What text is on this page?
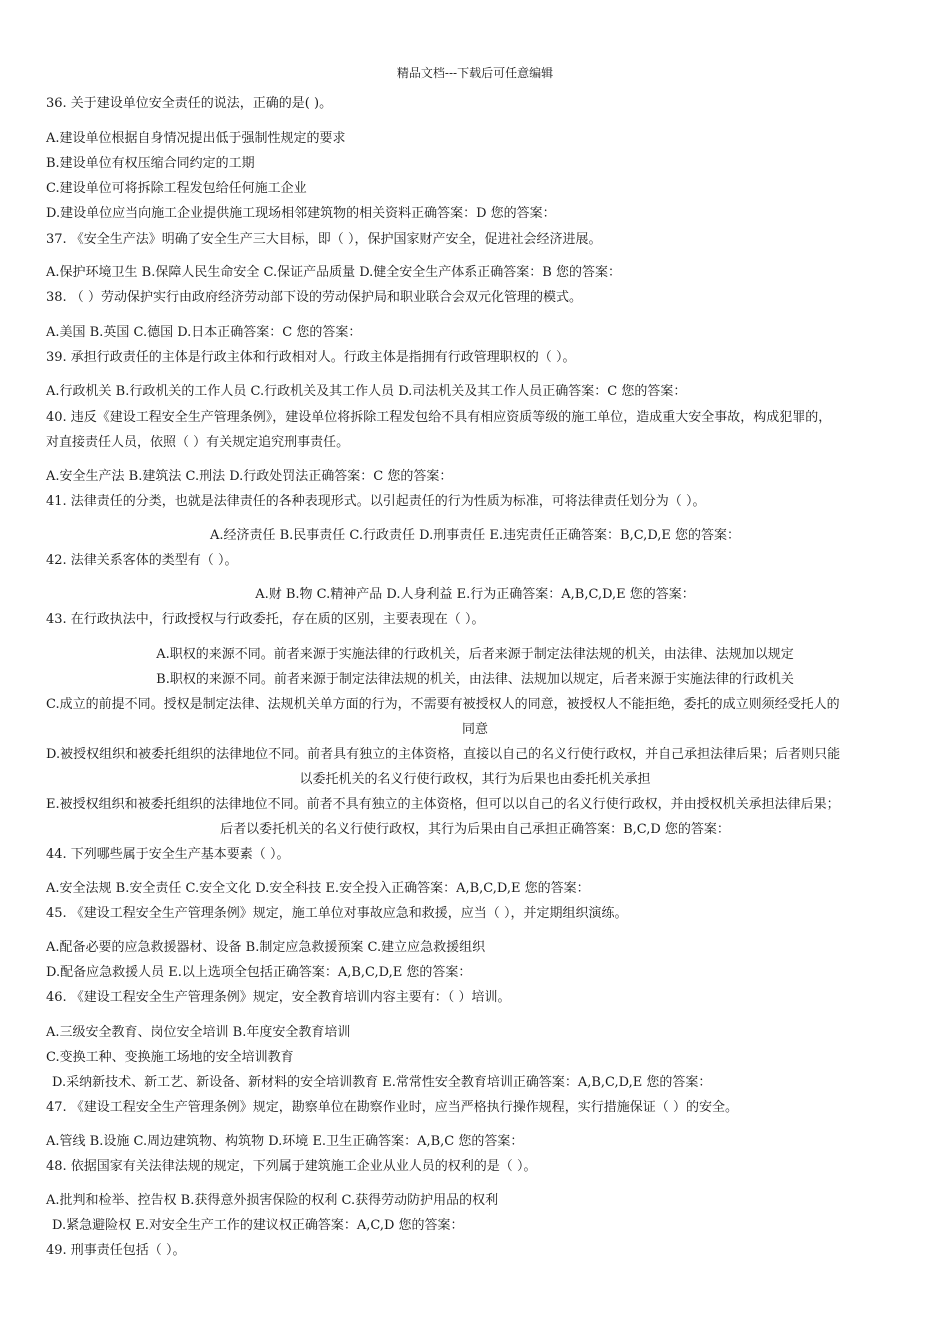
精品文档---下载后可任意编辑
36. 关于建设单位安全责任的说法，正确的是( )。
A.建设单位根据自身情况提出低于强制性规定的要求
B.建设单位有权压缩合同约定的工期
C.建设单位可将拆除工程发包给任何施工企业
D.建设单位应当向施工企业提供施工现场相邻建筑物的相关资料正确答案：D 您的答案：
37. 《安全生产法》明确了安全生产三大目标，即（ ），保护国家财产安全，促进社会经济进展。
A.保护环境卫生 B.保障人民生命安全 C.保证产品质量 D.健全安全生产体系正确答案：B 您的答案：
38. （ ）劳动保护实行由政府经济劳动部下设的劳动保护局和职业联合会双元化管理的模式。
A.美国 B.英国 C.德国 D.日本正确答案：C 您的答案：
39. 承担行政责任的主体是行政主体和行政相对人。行政主体是指拥有行政管理职权的（ ）。
A.行政机关 B.行政机关的工作人员 C.行政机关及其工作人员 D.司法机关及其工作人员正确答案：C 您的答案：
40. 违反《建设工程安全生产管理条例》，建设单位将拆除工程发包给不具有相应资质等级的施工单位，造成重大安全事故，构成犯罪的，
对直接责任人员，依照（ ）有关规定追究刑事责任。
A.安全生产法 B.建筑法 C.刑法 D.行政处罚法正确答案：C 您的答案：
41. 法律责任的分类，也就是法律责任的各种表现形式。以引起责任的行为性质为标准，可将法律责任划分为（ ）。
A.经济责任 B.民事责任 C.行政责任 D.刑事责任 E.违宪责任正确答案：B,C,D,E 您的答案：
42. 法律关系客体的类型有（ ）。
A.财 B.物 C.精神产品 D.人身利益 E.行为正确答案：A,B,C,D,E 您的答案：
43. 在行政执法中，行政授权与行政委托，存在质的区别，主要表现在（ ）。
A.职权的来源不同。前者来源于实施法律的行政机关，后者来源于制定法律法规的机关，由法律、法规加以规定
B.职权的来源不同。前者来源于制定法律法规的机关，由法律、法规加以规定，后者来源于实施法律的行政机关
C.成立的前提不同。授权是制定法律、法规机关单方面的行为，不需要有被授权人的同意，被授权人不能拒绝，委托的成立则须经受托人的
同意
D.被授权组织和被委托组织的法律地位不同。前者具有独立的主体资格，直接以自己的名义行使行政权，并自己承担法律后果；后者则只能
以委托机关的名义行使行政权，其行为后果也由委托机关承担
E.被授权组织和被委托组织的法律地位不同。前者不具有独立的主体资格，但可以以自己的名义行使行政权，并由授权机关承担法律后果；
后者以委托机关的名义行使行政权，其行为后果由自己承担正确答案：B,C,D 您的答案：
44. 下列哪些属于安全生产基本要素（ ）。
A.安全法规 B.安全责任 C.安全文化 D.安全科技 E.安全投入正确答案：A,B,C,D,E 您的答案：
45. 《建设工程安全生产管理条例》规定，施工单位对事故应急和救援，应当（ ），并定期组织演练。
A.配备必要的应急救援器材、设备 B.制定应急救援预案 C.建立应急救援组织
D.配备应急救援人员 E.以上选项全包括正确答案：A,B,C,D,E 您的答案：
46. 《建设工程安全生产管理条例》规定，安全教育培训内容主要有：（ ）培训。
A.三级安全教育、岗位安全培训 B.年度安全教育培训
C.变换工种、变换施工场地的安全培训教育
D.采纳新技术、新工艺、新设备、新材料的安全培训教育 E.常常性安全教育培训正确答案：A,B,C,D,E 您的答案：
47. 《建设工程安全生产管理条例》规定，勘察单位在勘察作业时，应当严格执行操作规程，实行措施保证（ ）的安全。
A.管线 B.设施 C.周边建筑物、构筑物 D.环境 E.卫生正确答案：A,B,C 您的答案：
48. 依据国家有关法律法规的规定，下列属于建筑施工企业从业人员的权利的是（ ）。
A.批判和检举、控告权 B.获得意外损害保险的权利 C.获得劳动防护用品的权利
D.紧急避险权 E.对安全生产工作的建议权正确答案：A,C,D 您的答案：
49. 刑事责任包括（ ）。
